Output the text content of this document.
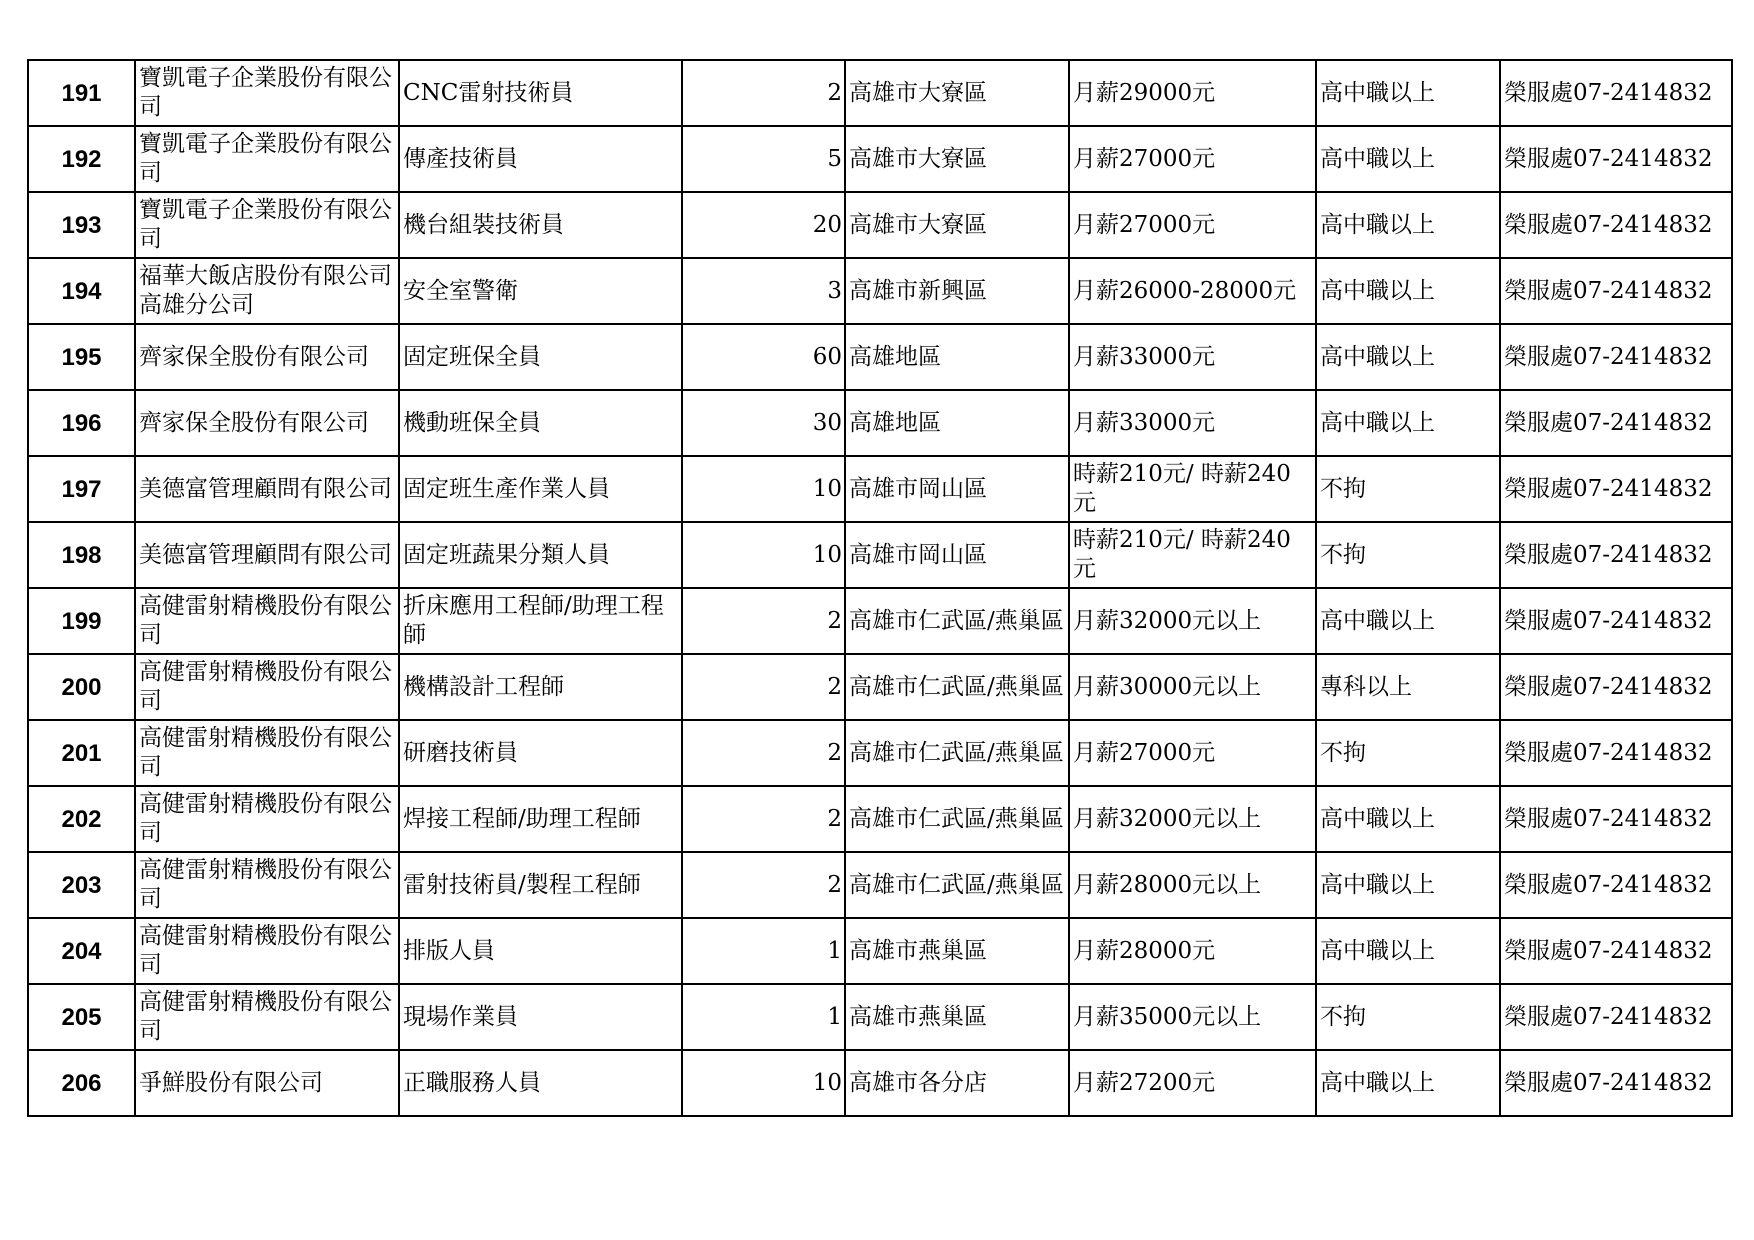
191	寶凱電子企業股份有限公司	CNC雷射技術員	2	高雄市大寮區	月薪29000元	高中職以上	榮服處07-2414832
192	寶凱電子企業股份有限公司	傳產技術員	5	高雄市大寮區	月薪27000元	高中職以上	榮服處07-2414832
193	寶凱電子企業股份有限公司	機台組裝技術員	20	高雄市大寮區	月薪27000元	高中職以上	榮服處07-2414832
194	福華大飯店股份有限公司高雄分公司	安全室警衛	3	高雄市新興區	月薪26000-28000元	高中職以上	榮服處07-2414832
195	齊家保全股份有限公司	固定班保全員	60	高雄地區	月薪33000元	高中職以上	榮服處07-2414832
196	齊家保全股份有限公司	機動班保全員	30	高雄地區	月薪33000元	高中職以上	榮服處07-2414832
197	美德富管理顧問有限公司	固定班生產作業人員	10	高雄市岡山區	時薪210元/ 時薪240元	不拘	榮服處07-2414832
198	美德富管理顧問有限公司	固定班蔬果分類人員	10	高雄市岡山區	時薪210元/ 時薪240元	不拘	榮服處07-2414832
199	高健雷射精機股份有限公司	折床應用工程師/助理工程師	2	高雄市仁武區/燕巢區	月薪32000元以上	高中職以上	榮服處07-2414832
200	高健雷射精機股份有限公司	機構設計工程師	2	高雄市仁武區/燕巢區	月薪30000元以上	專科以上	榮服處07-2414832
201	高健雷射精機股份有限公司	研磨技術員	2	高雄市仁武區/燕巢區	月薪27000元	不拘	榮服處07-2414832
202	高健雷射精機股份有限公司	焊接工程師/助理工程師	2	高雄市仁武區/燕巢區	月薪32000元以上	高中職以上	榮服處07-2414832
203	高健雷射精機股份有限公司	雷射技術員/製程工程師	2	高雄市仁武區/燕巢區	月薪28000元以上	高中職以上	榮服處07-2414832
204	高健雷射精機股份有限公司	排版人員	1	高雄市燕巢區	月薪28000元	高中職以上	榮服處07-2414832
205	高健雷射精機股份有限公司	現場作業員	1	高雄市燕巢區	月薪35000元以上	不拘	榮服處07-2414832
206	爭鮮股份有限公司	正職服務人員	10	高雄市各分店	月薪27200元	高中職以上	榮服處07-2414832
